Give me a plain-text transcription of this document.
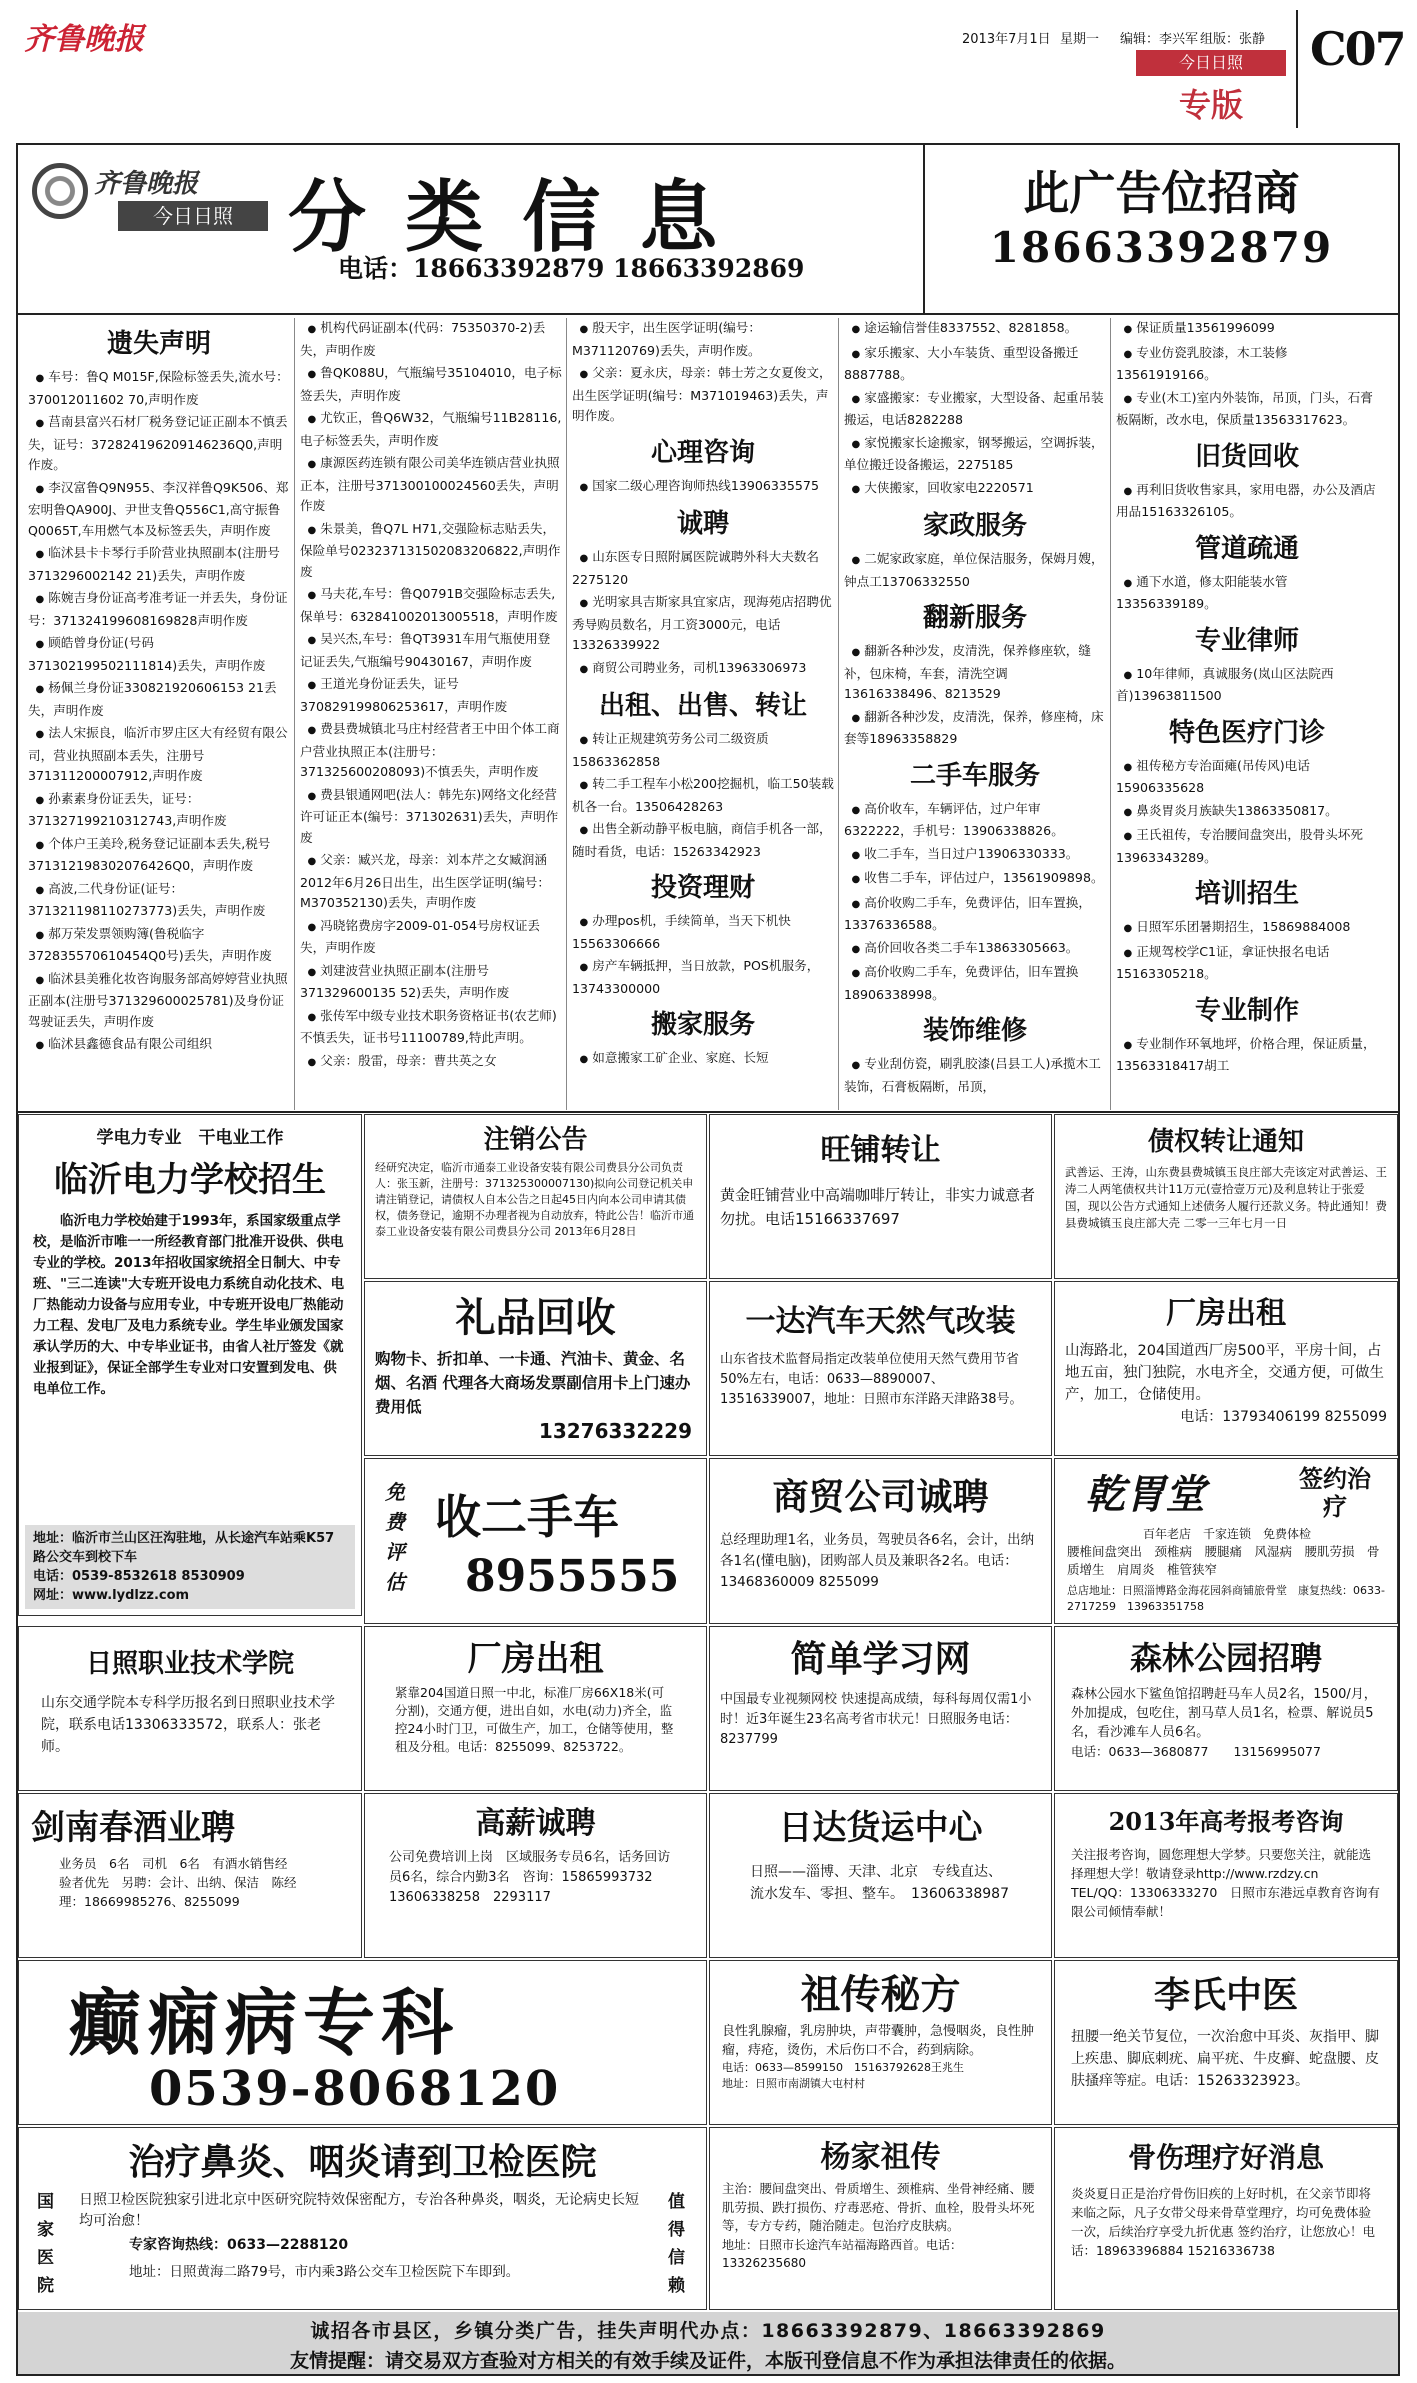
齐鲁晚报	2013年7月1日 星期一 编辑：李兴军 组版：张静
今日日照
专版
C07
齐鲁晚报
今日日照 分 类 信 息
电话：18663392879 18663392869
此广告位招商
18663392879
遗失声明

● 车号：鲁Q M015F,保险标签丢失,流水号：370012011602 70,声明作废

● 莒南县富兴石材厂税务登记证正副本不慎丢失，证号：372824196209146236Q0,声明作废。

● 李汉富鲁Q9N955、李汉祥鲁Q9K506、郑宏明鲁QA900J、尹世支鲁Q556C1,高守振鲁Q0065T,车用燃气本及标签丢失，声明作废

● 临沭县卡卡琴行手阶营业执照副本(注册号3713296002142 21)丢失，声明作废

● 陈婉吉身份证高考准考证一并丢失，身份证号：371324199608169828声明作废

● 顾皓曾身份证(号码371302199502111814)丢失，声明作废

● 杨佩兰身份证330821920606153 21丢失，声明作废

● 法人宋振良，临沂市罗庄区大有经贸有限公司，营业执照副本丢失，注册号371311200007912,声明作废

● 孙素素身份证丢失，证号：371327199210312743,声明作废

● 个体户王美玲,税务登记证副本丢失,税号371312198302076426Q0，声明作废

● 高波,二代身份证(证号：371321198110273773)丢失，声明作废

● 郝万荣发票领购簿(鲁税临字372835570610454Q0号)丢失，声明作废

● 临沭县美雅化妆咨询服务部高婷婷营业执照正副本(注册号371329600025781)及身份证驾驶证丢失，声明作废

● 临沭县鑫德食品有限公司组织

● 机构代码证副本(代码：75350370-2)丢失，声明作废

● 鲁QK088U，气瓶编号35104010，电子标签丢失，声明作废

● 尤钦正，鲁Q6W32，气瓶编号11B28116,电子标签丢失，声明作废

● 康源医药连锁有限公司美华连锁店营业执照正本，注册号371300100024560丢失，声明作废

● 朱景美，鲁Q7L H71,交强险标志贴丢失，保险单号023237131502083206822,声明作废

● 马夫花,车号：鲁Q0791B交强险标志丢失,保单号：632841002013005518，声明作废

● 吴兴杰,车号：鲁QT3931车用气瓶使用登记证丢失,气瓶编号90430167，声明作废

● 王道光身份证丢失，证号370829199806253617，声明作废

● 费县费城镇北马庄村经营者王中田个体工商户营业执照正本(注册号：371325600208093)不慎丢失，声明作废

● 费县银通网吧(法人：韩先东)网络文化经营许可证正本(编号：371302631)丢失，声明作废

● 父亲：臧兴龙，母亲：刘本芹之女臧润涵2012年6月26日出生，出生医学证明(编号：M370352130)丢失，声明作废

● 冯晓铭费房字2009-01-054号房权证丢失，声明作废

● 刘建波营业执照正副本(注册号371329600135 52)丢失，声明作废

● 张传军中级专业技术职务资格证书(农艺师)不慎丢失，证书号11100789,特此声明。

● 父亲：殷雷，母亲：曹共英之女

● 殷天宇，出生医学证明(编号：M371120769)丢失，声明作废。

● 父亲：夏永庆，母亲：韩士芳之女夏俊文，出生医学证明(编号：M371019463)丢失，声明作废。

心理咨询

● 国家二级心理咨询师热线13906335575

诚聘

● 山东医专日照附属医院诚聘外科大夫数名2275120

● 光明家具吉斯家具宜家店，现海苑店招聘优秀导购员数名，月工资3000元，电话13326339922

● 商贸公司聘业务，司机13963306973

出租、出售、转让

● 转让正规建筑劳务公司二级资质15863362858

● 转二手工程车小松200挖掘机，临工50装载机各一台。13506428263

● 出售全新动静平板电脑，商信手机各一部，随时看货，电话：15263342923

投资理财

● 办理pos机，手续简单，当天下机快15563306666

● 房产车辆抵押，当日放款，POS机服务，13743300000

搬家服务

● 如意搬家工矿企业、家庭、长短

● 途运输信誉佳8337552、8281858。

● 家乐搬家、大小车装货、重型设备搬迁8887788。

● 家盛搬家：专业搬家，大型设备、起重吊装搬运，电话8282288

● 家悦搬家长途搬家，钢琴搬运，空调拆装，单位搬迁设备搬运，2275185

● 大侠搬家，回收家电2220571

家政服务

● 二妮家政家庭，单位保洁服务，保姆月嫂，钟点工13706332550

翻新服务

● 翻新各种沙发，皮清洗，保养修座软，缝补，包床椅，车套，清洗空调13616338496、8213529

● 翻新各种沙发，皮清洗，保养，修座椅，床套等18963358829

二手车服务

● 高价收车，车辆评估，过户年审6322222，手机号：13906338826。

● 收二手车，当日过户13906330333。

● 收售二手车，评估过户，13561909898。

● 高价收购二手车，免费评估，旧车置换，13376336588。

● 高价回收各类二手车13863305663。

● 高价收购二手车，免费评估，旧车置换18906338998。

装饰维修

● 专业刮仿瓷，刷乳胶漆(吕县工人)承揽木工装饰，石膏板隔断，吊顶，

● 保证质量13561996099

● 专业仿瓷乳胶漆，木工装修13561919166。

● 专业(木工)室内外装饰，吊顶，门头，石膏板隔断，改水电，保质量13563317623。

旧货回收

● 再利旧货收售家具，家用电器，办公及酒店用品15163326105。

管道疏通

● 通下水道，修太阳能装水管13356339189。

专业律师

● 10年律师，真诚服务(岚山区法院西首)13963811500

特色医疗门诊

● 祖传秘方专治面瘫(吊传风)电话15906335628

● 鼻炎胃炎月族缺失13863350817。

● 王氏祖传，专治腰间盘突出，股骨头坏死13963343289。

培训招生

● 日照军乐团暑期招生，15869884008

● 正规驾校学C1证，拿证快报名电话15163305218。

专业制作

● 专业制作环氧地坪，价格合理，保证质量，13563318417胡工

学电力专业　干电业工作
临沂电力学校招生
临沂电力学校始建于1993年，系国家级重点学校，是临沂市唯一一所经教育部门批准开设供、供电专业的学校。2013年招收国家统招全日制大、中专班、"三二连读"大专班开设电力系统自动化技术、电厂热能动力设备与应用专业，中专班开设电厂热能动力工程、发电厂及电力系统专业。学生毕业颁发国家承认学历的大、中专毕业证书，由省人社厅签发《就业报到证》，保证全部学生专业对口安置到发电、供电单位工作。
地址：临沂市兰山区汪沟驻地，从长途汽车站乘K57路公交车到校下车
电话：0539-8532618 8530909
网址：www.lydlzz.com
注销公告
经研究决定，临沂市通泰工业设备安装有限公司费县分公司负责人：张玉新，注册号：371325300007130)拟向公司登记机关申请注销登记，请债权人自本公告之日起45日内向本公司申请其债权，债务登记，逾期不办理者视为自动放弃，特此公告！临沂市通泰工业设备安装有限公司费县分公司 2013年6月28日
旺铺转让
黄金旺铺营业中高端咖啡厅转让，非实力诚意者勿扰。电话15166337697
债权转让通知
武善运、王涛，山东费县费城镇玉良庄部大壳该定对武善运、王涛二人两笔债权共计11万元(壹拾壹万元)及利息转让于张爱国，现以公告方式通知上述债务人履行还款义务。特此通知！费县费城镇玉良庄部大壳 二零一三年七月一日
礼品回收
购物卡、折扣单、一卡通、汽油卡、黄金、名烟、名酒 代理各大商场发票副信用卡上门速办费用低
13276332229
一达汽车天然气改装
山东省技术监督局指定改装单位使用天然气费用节省50%左右，电话：0633—8890007、13516339007，地址：日照市东洋路天津路38号。
厂房出租
山海路北，204国道西厂房500平，平房十间，占地五亩，独门独院，水电齐全，交通方便，可做生产，加工，仓储使用。
电话：13793406199 8255099
免费评估
收二手车
8955555
商贸公司诚聘
总经理助理1名，业务员，驾驶员各6名，会计，出纳各1名(懂电脑)，团购部人员及兼职各2名。电话：13468360009 8255099
乾胃堂	签约治疗
百年老店　千家连锁　免费体检
腰椎间盘突出　颈椎病　腰腿痛　风湿病　腰肌劳损　骨质增生　肩周炎　椎管狭窄
总店地址：日照淄博路金海花园斜商铺旅骨堂　康复热线：0633-2717259　13963351758
日照职业技术学院
山东交通学院本专科学历报名到日照职业技术学院，联系电话13306333572，联系人：张老师。
厂房出租
紧靠204国道日照一中北，标准厂房66X18米(可分割)，交通方便，进出自如，水电(动力)齐全，监控24小时门卫，可做生产，加工，仓储等使用，整租及分租。电话：8255099、8253722。
简单学习网
中国最专业视频网校 快速提高成绩，每科每周仅需1小时！近3年诞生23名高考省市状元！日照服务电话：8237799
森林公园招聘
森林公园水下鲨鱼馆招聘赶马车人员2名，1500/月，外加提成，包吃住，割马草人员1名，检票、解说员5名，看沙滩车人员6名。
电话：0633—3680877　　13156995077
剑南春酒业聘
业务员　6名　司机　6名　有酒水销售经验者优先　另聘：会计、出纳、保洁　陈经理：18669985276、8255099
高薪诚聘
公司免费培训上岗　区域服务专员6名，话务回访员6名，综合内勤3名　咨询：15865993732　13606338258　2293117
日达货运中心
日照——淄博、天津、北京　专线直达、流水发车、零担、整车。　13606338987
2013年高考报考咨询
关注报考咨询，圆您理想大学梦。只要您关注，就能选择理想大学！敬请登录http://www.rzdzy.cn TEL/QQ：13306333270　日照市东港远卓教育咨询有限公司倾情奉献！
癫痫病专科
0539-8068120
祖传秘方
良性乳腺瘤，乳房肿块，声带囊肿，急慢咽炎，良性肿瘤，痔疮，烫伤，术后伤口不合，药到病除。
电话：0633—8599150　15163792628王兆生
地址：日照市南湖镇大屯村村
李氏中医
扭腰一绝关节复位，一次治愈中耳炎、灰指甲、脚上疾患、脚底刺疣、扁平疣、牛皮癣、蛇盘腰、皮肤搔痒等症。电话：15263323923。
治疗鼻炎、咽炎请到卫检医院
国家医院
值得信赖
日照卫检医院独家引进北京中医研究院特效保密配方，专治各种鼻炎，咽炎，无论病史长短均可治愈！
专家咨询热线：0633—2288120
地址：日照黄海二路79号，市内乘3路公交车卫检医院下车即到。
杨家祖传
主治：腰间盘突出、骨质增生、颈椎病、坐骨神经痛、腰肌劳损、跌打损伤、疗毒恶疮、骨折、血栓，股骨头坏死等，专方专药，随治随走。包治疗皮肤病。
地址：日照市长途汽车站福海路西首。电话：13326235680
骨伤理疗好消息
炎炎夏日正是治疗骨伤旧疾的上好时机，在父亲节即将来临之际，凡子女带父母来骨草堂理疗，均可免费体验一次，后续治疗享受九折优惠 签约治疗，让您放心！电话：18963396884 15216336738
诚招各市县区，乡镇分类广告，挂失声明代办点：18663392879、18663392869
友情提醒：请交易双方查验对方相关的有效手续及证件，本版刊登信息不作为承担法律责任的依据。
